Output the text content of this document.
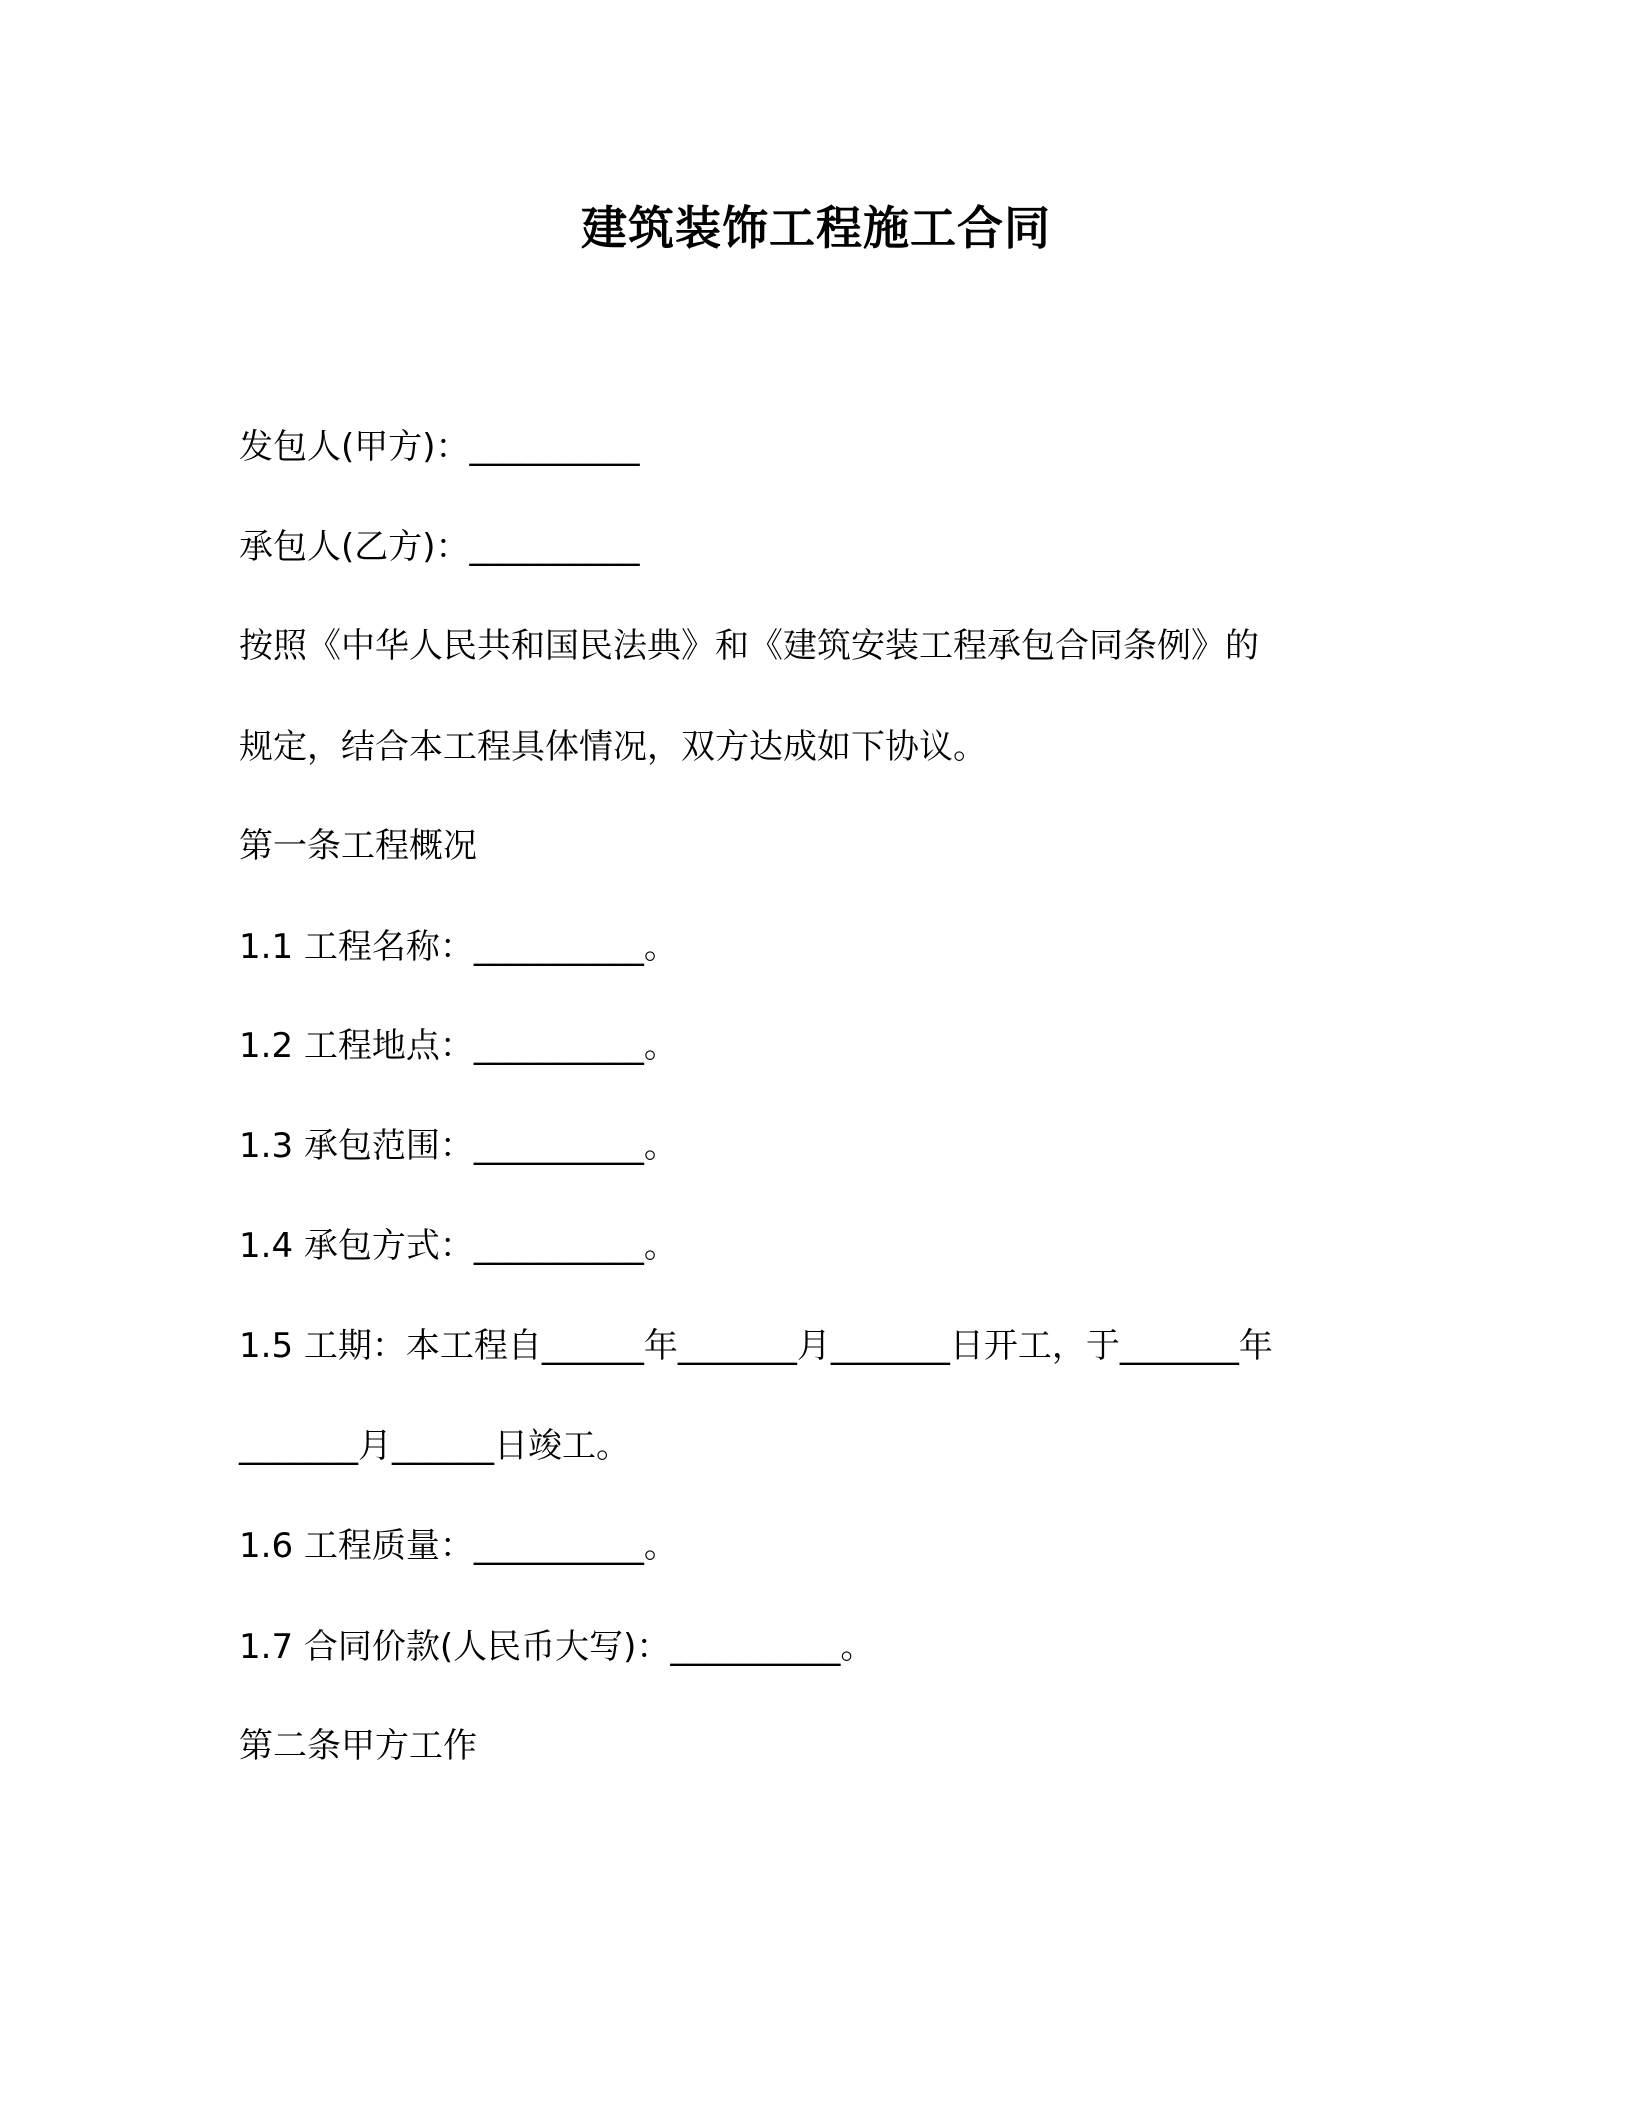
建筑装饰工程施工合同
发包人(甲方)：__________
承包人(乙方)：__________
按照《中华人民共和国民法典》和《建筑安装工程承包合同条例》的
规定，结合本工程具体情况，双方达成如下协议。
第一条工程概况
1.1 工程名称：__________。
1.2 工程地点：__________。
1.3 承包范围：__________。
1.4 承包方式：__________。
1.5 工期：本工程自______年_______月_______日开工，于_______年
_______月______日竣工。
1.6 工程质量：__________。
1.7 合同价款(人民币大写)：__________。
第二条甲方工作
